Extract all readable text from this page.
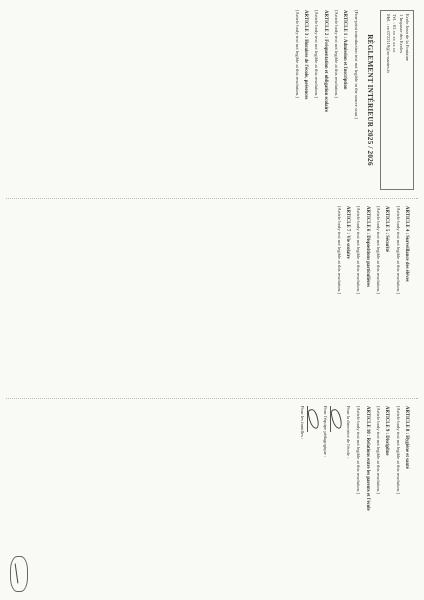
Ecole Jean de la Fontaine
1 Impasse des Ecoles
Tél. : 03 xx xx xx xx
Mél. : ce.0722119@ac-nantes.fr
RÈGLEMENT INTÉRIEUR 2025 / 2026

[Fine-print introduction text not legible in the source scan.]

ARTICLE 1 : Admission et Inscription

[Article body text not legible at this resolution.]

ARTICLE 2 : Fréquentation et obligation scolaire

[Article body text not legible at this resolution.]

ARTICLE 3 : Horaires de l'école, présences

[Article body text not legible at this resolution.]

ARTICLE 4 : Surveillance des élèves

[Article body text not legible at this resolution.]

ARTICLE 5 : Sécurité

[Article body text not legible at this resolution.]

ARTICLE 6 : Dispositions particulières

[Article body text not legible at this resolution.]

ARTICLE 7 : Vie scolaire

[Article body text not legible at this resolution.]

ARTICLE 8 : Hygiène et santé

[Article body text not legible at this resolution.]

ARTICLE 9 : Discipline

[Article body text not legible at this resolution.]

ARTICLE 10 : Relations entre les parents et l'école

[Article body text not legible at this resolution.]

Pour la directrice de l'école :
Pour l'équipe pédagogique :
Pour les familles :
